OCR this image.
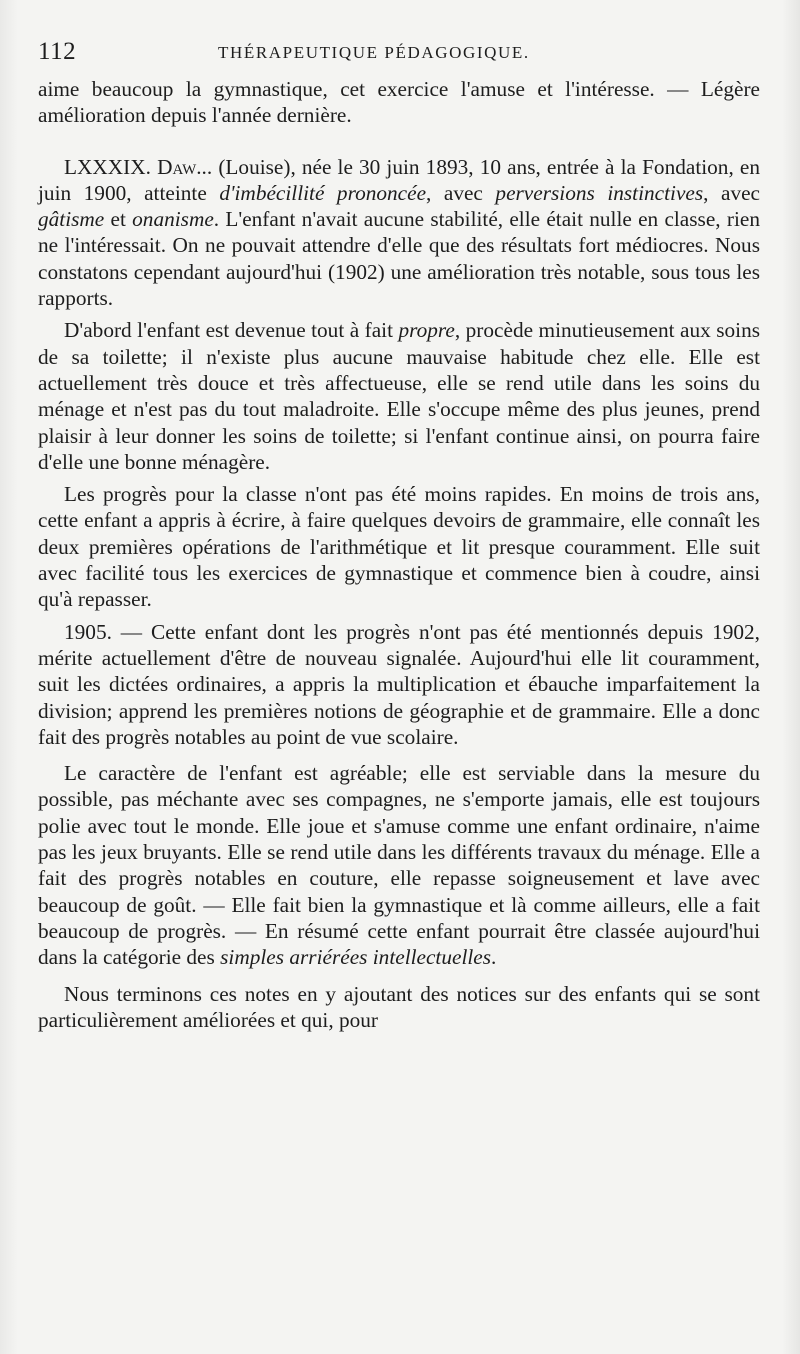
112	THÉRAPEUTIQUE PÉDAGOGIQUE.

aime beaucoup la gymnastique, cet exercice l'amuse et l'intéresse. — Légère amélioration depuis l'année dernière.

LXXXIX. Daw... (Louise), née le 30 juin 1893, 10 ans, entrée à la Fondation, en juin 1900, atteinte d'imbécillité prononcée, avec perversions instinctives, avec gâtisme et onanisme. L'enfant n'avait aucune stabilité, elle était nulle en classe, rien ne l'intéressait. On ne pouvait attendre d'elle que des résultats fort médiocres. Nous constatons cependant aujourd'hui (1902) une amélioration très notable, sous tous les rapports.

D'abord l'enfant est devenue tout à fait propre, procède minutieusement aux soins de sa toilette; il n'existe plus aucune mauvaise habitude chez elle. Elle est actuellement très douce et très affectueuse, elle se rend utile dans les soins du ménage et n'est pas du tout maladroite. Elle s'occupe même des plus jeunes, prend plaisir à leur donner les soins de toilette; si l'enfant continue ainsi, on pourra faire d'elle une bonne ménagère.

Les progrès pour la classe n'ont pas été moins rapides. En moins de trois ans, cette enfant a appris à écrire, à faire quelques devoirs de grammaire, elle connaît les deux premières opérations de l'arithmétique et lit presque couramment. Elle suit avec facilité tous les exercices de gymnastique et commence bien à coudre, ainsi qu'à repasser.

1905. — Cette enfant dont les progrès n'ont pas été mentionnés depuis 1902, mérite actuellement d'être de nouveau signalée. Aujourd'hui elle lit couramment, suit les dictées ordinaires, a appris la multiplication et ébauche imparfaitement la division; apprend les premières notions de géographie et de grammaire. Elle a donc fait des progrès notables au point de vue scolaire.

Le caractère de l'enfant est agréable; elle est serviable dans la mesure du possible, pas méchante avec ses compagnes, ne s'emporte jamais, elle est toujours polie avec tout le monde. Elle joue et s'amuse comme une enfant ordinaire, n'aime pas les jeux bruyants. Elle se rend utile dans les différents travaux du ménage. Elle a fait des progrès notables en couture, elle repasse soigneusement et lave avec beaucoup de goût. — Elle fait bien la gymnastique et là comme ailleurs, elle a fait beaucoup de progrès. — En résumé cette enfant pourrait être classée aujourd'hui dans la catégorie des simples arriérées intellectuelles.

Nous terminons ces notes en y ajoutant des notices sur des enfants qui se sont particulièrement améliorées et qui, pour
